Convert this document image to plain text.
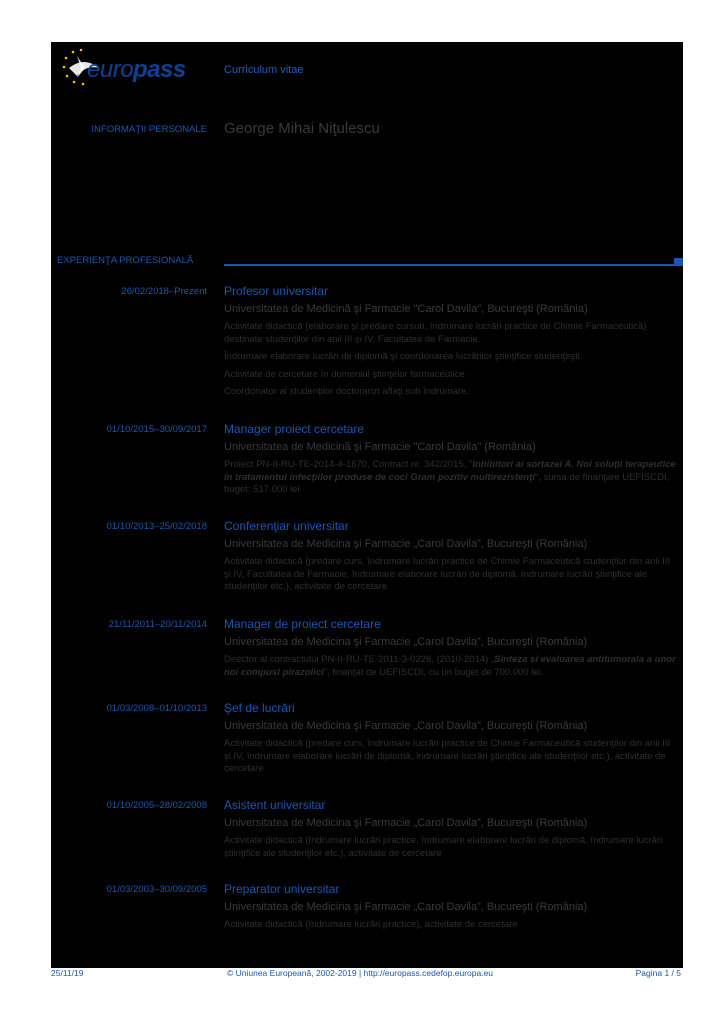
europass	Curriculum vitae
INFORMAŢII PERSONALE George Mihai Niţulescu
EXPERIENŢA PROFESIONALĂ
26/02/2018–Prezent Profesor universitar
Universitatea de Medicină şi Farmacie "Carol Davila", Bucureşti (România)

Activitate didactică (elaborare şi predare cursuri, îndrumare lucrări practice de Chimie Farmaceutică) destinate studenţilor din anii III şi IV, Facultatea de Farmacie.

Îndrumare elaborare lucrări de diplomă şi coordonarea lucrărilor ştiinţifice studenţeşti.

Activitate de cercetare în domeniul ştiinţelor farmaceutice

Coordonator al studenţilor doctoranzi aflaţi sub îndrumare.

01/10/2015–30/09/2017 Manager proiect cercetare
Universitatea de Medicină şi Farmacie "Carol Davila" (România)

Proiect PN-II-RU-TE-2014-4-1670, Contract nr. 342/2015, "Inhibitori ai sortazei A. Noi soluţii terapeutice în tratamentul infecţiilor produse de coci Gram pozitiv multirezistenţi", sursa de finanţare UEFISCDI, buget: 517.000 lei

01/10/2013–25/02/2018 Conferenţiar universitar
Universitatea de Medicina şi Farmacie „Carol Davila”, Bucureşti (România)

Activitate didactică (predare curs, îndrumare lucrări practice de Chimie Farmaceutică studenţilor din anii III şi IV, Facultatea de Farmacie, îndrumare elaborare lucrări de diplomă, îndrumare lucrări ştiinţifice ale studenţilor etc.), activitate de cercetare

21/11/2011–20/11/2014 Manager de proiect cercetare
Universitatea de Medicina şi Farmacie „Carol Davila”, Bucureşti (România)

Director al contractului PN-II-RU-TE-2011-3-0226, (2010-2014) „Sinteza si evaluarea antitumorala a unor noi compusi pirazolici”, finanţat de UEFISCDI, cu un buget de 700.000 lei.

01/03/2008–01/10/2013 Şef de lucrări
Universitatea de Medicina şi Farmacie „Carol Davila”, Bucureşti (România)

Activitate didactică (predare curs, îndrumare lucrări practice de Chimie Farmaceutică studenţilor din anii III şi IV, îndrumare elaborare lucrări de diplomă, îndrumare lucrări ştiinţifice ale studenţilor etc.), activitate de cercetare

01/10/2005–28/02/2008 Asistent universitar
Universitatea de Medicina şi Farmacie „Carol Davila”, Bucureşti (România)

Activitate didactică (îndrumare lucrări practice, îndrumare elaborare lucrări de diplomă, îndrumare lucrări ştiinţifice ale studenţilor etc.), activitate de cercetare

01/03/2003–30/09/2005 Preparator universitar
Universitatea de Medicina şi Farmacie „Carol Davila”, Bucureşti (România)

Activitate didactică (îndrumare lucrări practice), activitate de cercetare

25/11/19	© Uniunea Europeană, 2002-2019 | http://europass.cedefop.europa.eu	Pagina 1 / 5
